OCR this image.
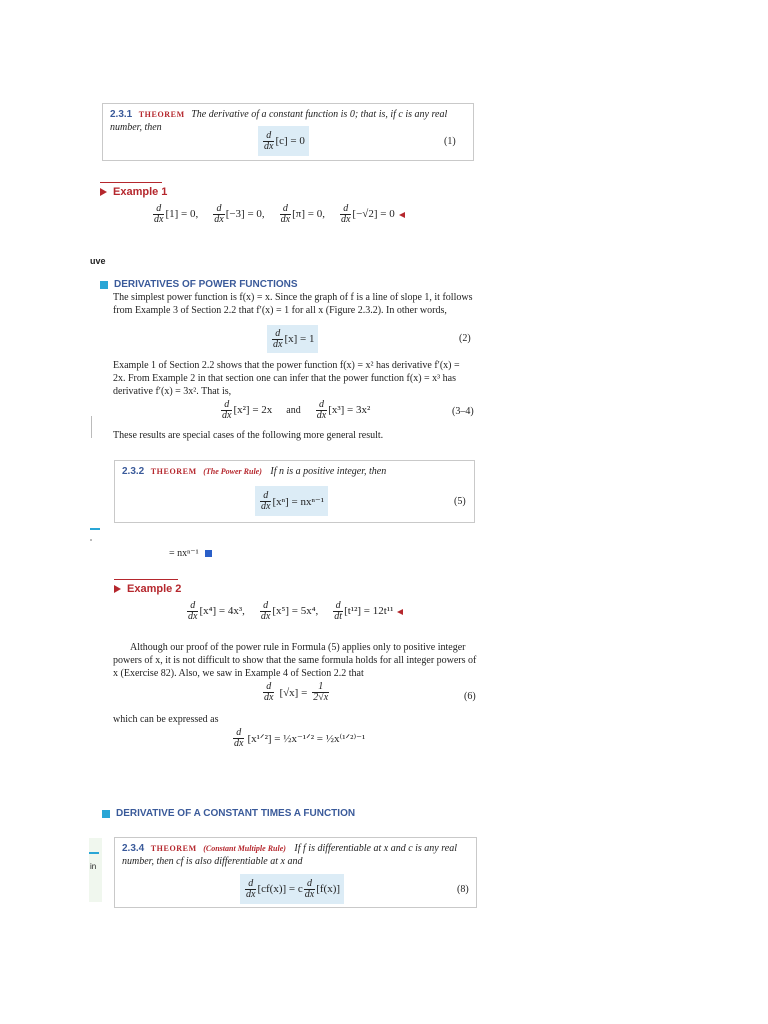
2.3.1 THEOREM The derivative of a constant function is 0; that is, if c is any real
number, then
$\frac{d}{dx} [c] = 0$	(1)
Example 1
$\frac{d}{dx} [1] = 0$, $\frac{d}{dx} [-3] = 0$, $\frac{d}{dx} [\pi] = 0$, $\frac{d}{dx} [-√2] = 0$
uve
DERIVATIVES OF POWER FUNCTIONS
The simplest power function is f(x) = x. Since the graph of f is a line of slope 1, it follows
from Example 3 of Section 2.2 that f′(x) = 1 for all x (Figure 2.3.2). In other words,
$\frac{d}{dx} [x] = 1$	(2)
Example 1 of Section 2.2 shows that the power function f(x) = x² has derivative f′(x) =
2x. From Example 2 in that section one can infer that the power function f(x) = x³ has
derivative f′(x) = 3x². That is,
$\frac{d}{dx} [x^2] = 2x$ and $\frac{d}{dx} [x^3] = 3x^2$	(3–4)
These results are special cases of the following more general result.
2.3.2 THEOREM (The Power Rule) If n is a positive integer, then
$\frac{d}{dx} [x^n] = nx^{n-1}$	(5)
= nxⁿ⁻¹
Example 2
$\frac{d}{dx} [x^4] = 4x^3$, $\frac{d}{dx} [x^5] = 5x^4$, $\frac{d}{dt} [t^{12}] = 12t^{11}$
Although our proof of the power rule in Formula (5) applies only to positive integer
powers of x, it is not difficult to show that the same formula holds for all integer powers of
x (Exercise 82). Also, we saw in Example 4 of Section 2.2 that
$\frac{d}{dx} [√x] = \frac{1}{2√x}$	(6)
which can be expressed as
$\frac{d}{dx}$ [x¹ᐟ²] = ½x⁻¹ᐟ² = ½x⁽¹ᐟ²⁾⁻¹
DERIVATIVE OF A CONSTANT TIMES A FUNCTION
in
2.3.4 THEOREM (Constant Multiple Rule) If f is differentiable at x and c is any real
number, then cf is also differentiable at x and
$\frac{d}{dx} [cf(x)] = c \frac{d}{dx} [f(x)]$	(8)
